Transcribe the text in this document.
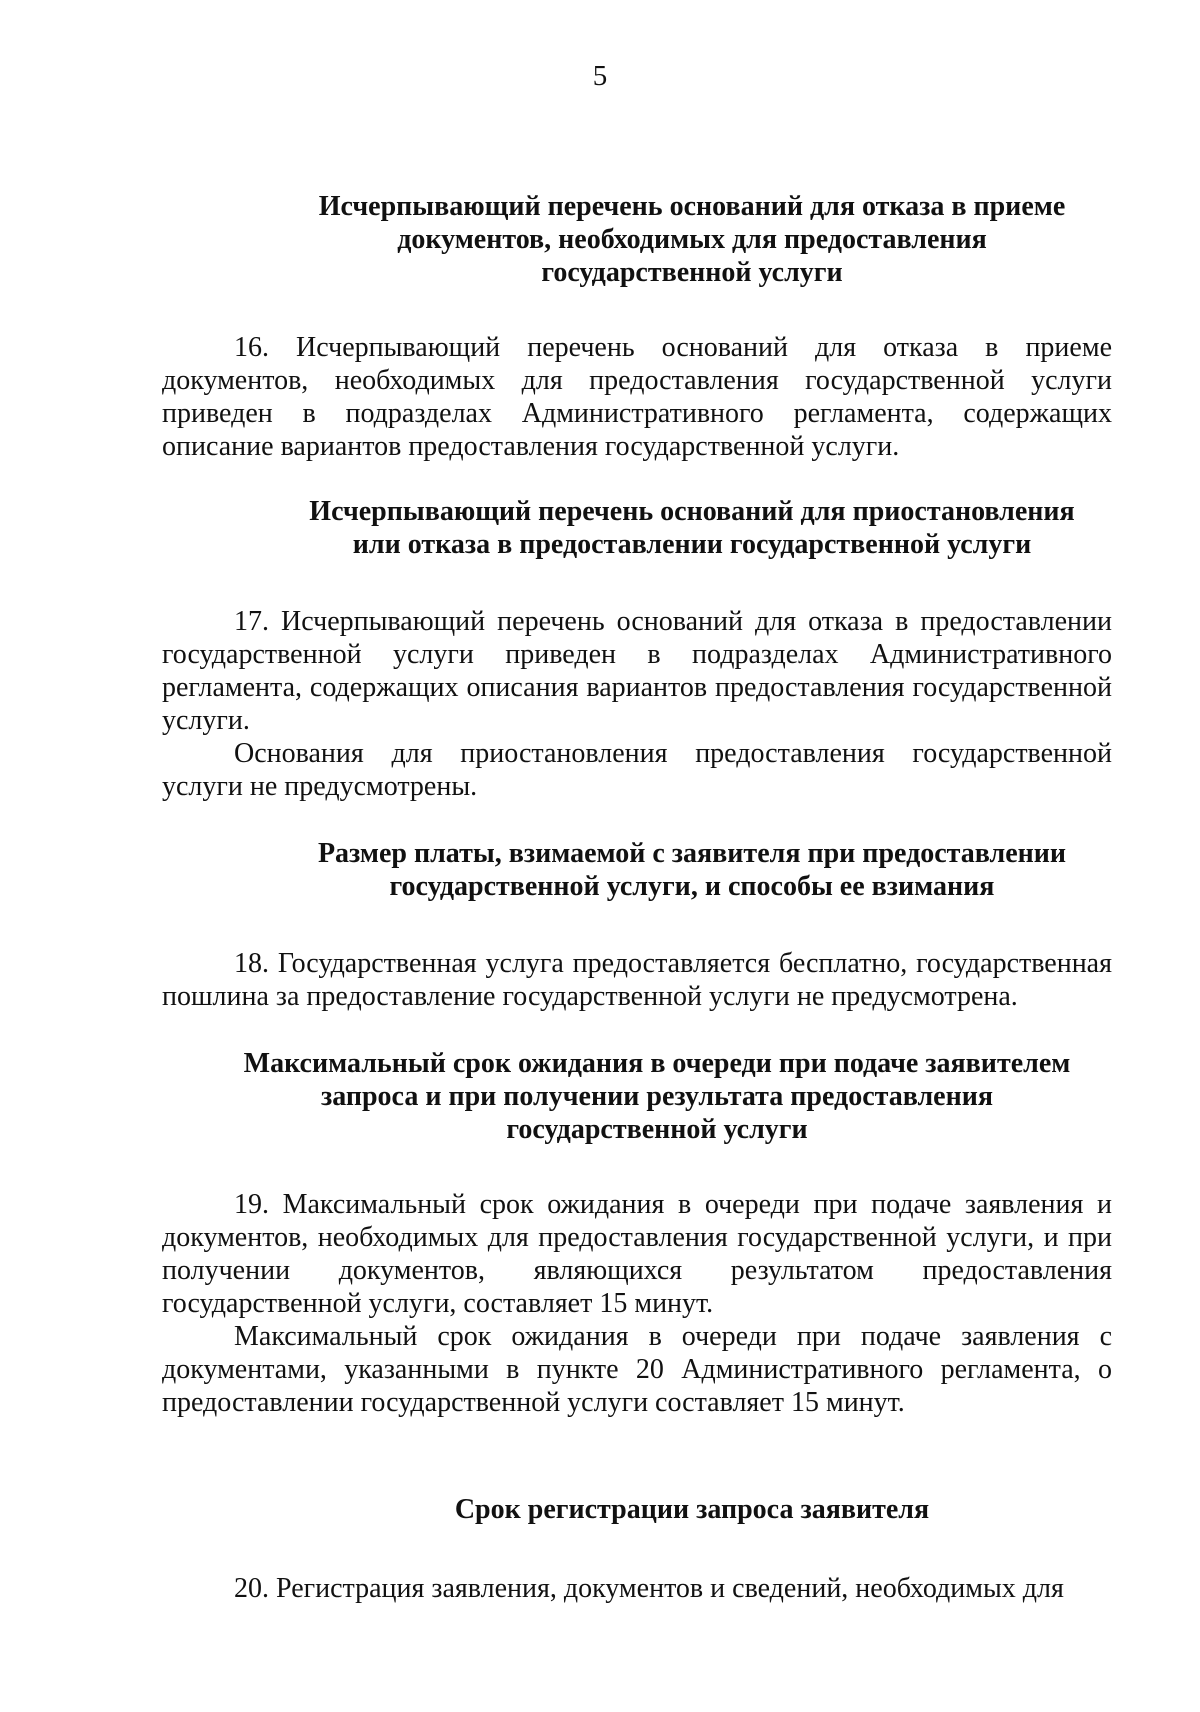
5
Исчерпывающий перечень оснований для отказа в приеме
документов, необходимых для предоставления
государственной услуги

16. Исчерпывающий перечень оснований для отказа в приеме документов, необходимых для предоставления государственной услуги приведен в подразделах Административного регламента, содержащих описание вариантов предоставления государственной услуги.

Исчерпывающий перечень оснований для приостановления
или отказа в предоставлении государственной услуги

17. Исчерпывающий перечень оснований для отказа в предоставлении государственной услуги приведен в подразделах Административного регламента, содержащих описания вариантов предоставления государственной услуги.

Основания для приостановления предоставления государственной услуги не предусмотрены.

Размер платы, взимаемой с заявителя при предоставлении
государственной услуги, и способы ее взимания

18. Государственная услуга предоставляется бесплатно, государственная пошлина за предоставление государственной услуги не предусмотрена.

Максимальный срок ожидания в очереди при подаче заявителем
запроса и при получении результата предоставления
государственной услуги

19. Максимальный срок ожидания в очереди при подаче заявления и документов, необходимых для предоставления государственной услуги, и при получении документов, являющихся результатом предоставления государственной услуги, составляет 15 минут.

Максимальный срок ожидания в очереди при подаче заявления с документами, указанными в пункте 20 Административного регламента, о предоставлении государственной услуги составляет 15 минут.

Срок регистрации запроса заявителя

20. Регистрация заявления, документов и сведений, необходимых для
